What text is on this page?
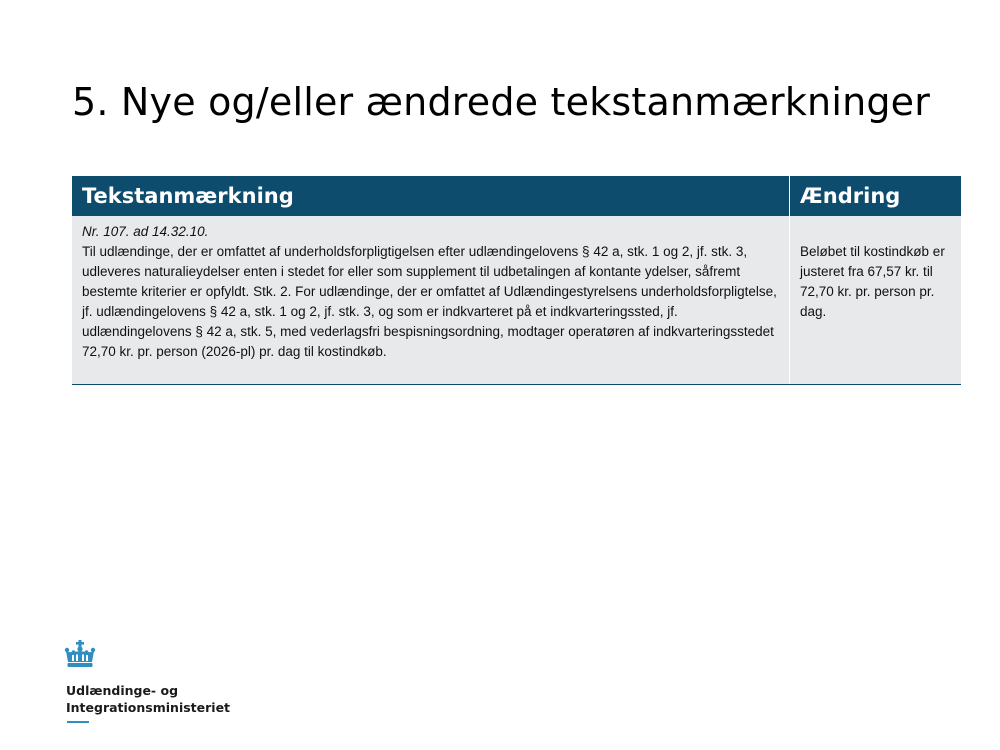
5. Nye og/eller ændrede tekstanmærkninger
Tekstanmærkning	Ændring

Nr. 107. ad 14.32.10.
Til udlændinge, der er omfattet af underholdsforpligtigelsen efter udlændingelovens § 42 a, stk. 1 og 2, jf. stk. 3, udleveres naturalieydelser enten i stedet for eller som supplement til udbetalingen af kontante ydelser, såfremt bestemte kriterier er opfyldt. Stk. 2. For udlændinge, der er omfattet af Udlændingestyrelsens underholdsforpligtelse, jf. udlændingelovens § 42 a, stk. 1 og 2, jf. stk. 3, og som er indkvarteret på et indkvarteringssted, jf. udlændingelovens § 42 a, stk. 5, med vederlagsfri bespisningsordning, modtager operatøren af indkvarteringsstedet 72,70 kr. pr. person (2026-pl) pr. dag til kostindkøb.	Beløbet til kostindkøb er justeret fra 67,57 kr. til 72,70 kr. pr. person pr. dag.
Udlændinge- og
Integrationsministeriet
